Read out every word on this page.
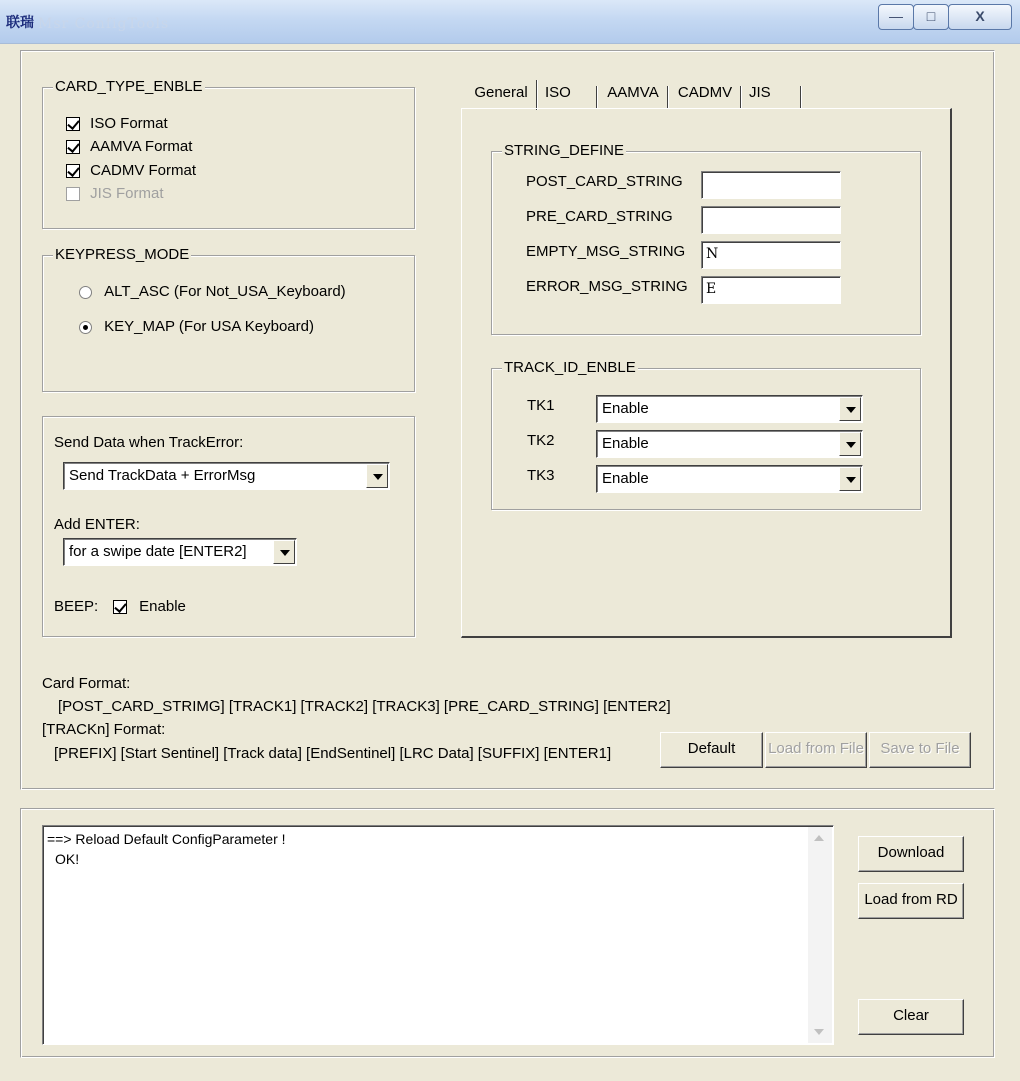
联瑞 Msr ConfigTools	—	□	X
CARD_TYPE_ENBLE
ISO Format
AAMVA Format
CADMV Format
JIS Format
KEYPRESS_MODE
ALT_ASC (For Not_USA_Keyboard)
KEY_MAP (For USA Keyboard)
Send Data when TrackError:
Send TrackData + ErrorMsg
Add ENTER:
for a swipe date [ENTER2]
BEEP:	Enable
General	ISO	AAMVA	CADMV	JIS
STRING_DEFINE
POST_CARD_STRING
PRE_CARD_STRING
EMPTY_MSG_STRING	N
ERROR_MSG_STRING	E
TRACK_ID_ENBLE
TK1	Enable
TK2	Enable
TK3	Enable
Card Format:
[POST_CARD_STRIMG] [TRACK1] [TRACK2] [TRACK3] [PRE_CARD_STRING] [ENTER2]
[TRACKn] Format:
[PREFIX] [Start Sentinel] [Track data] [EndSentinel] [LRC Data] [SUFFIX] [ENTER1]	Default	Load from File	Save to File
==> Reload Default ConfigParameter !
OK!	Download
Load from RD
Clear
